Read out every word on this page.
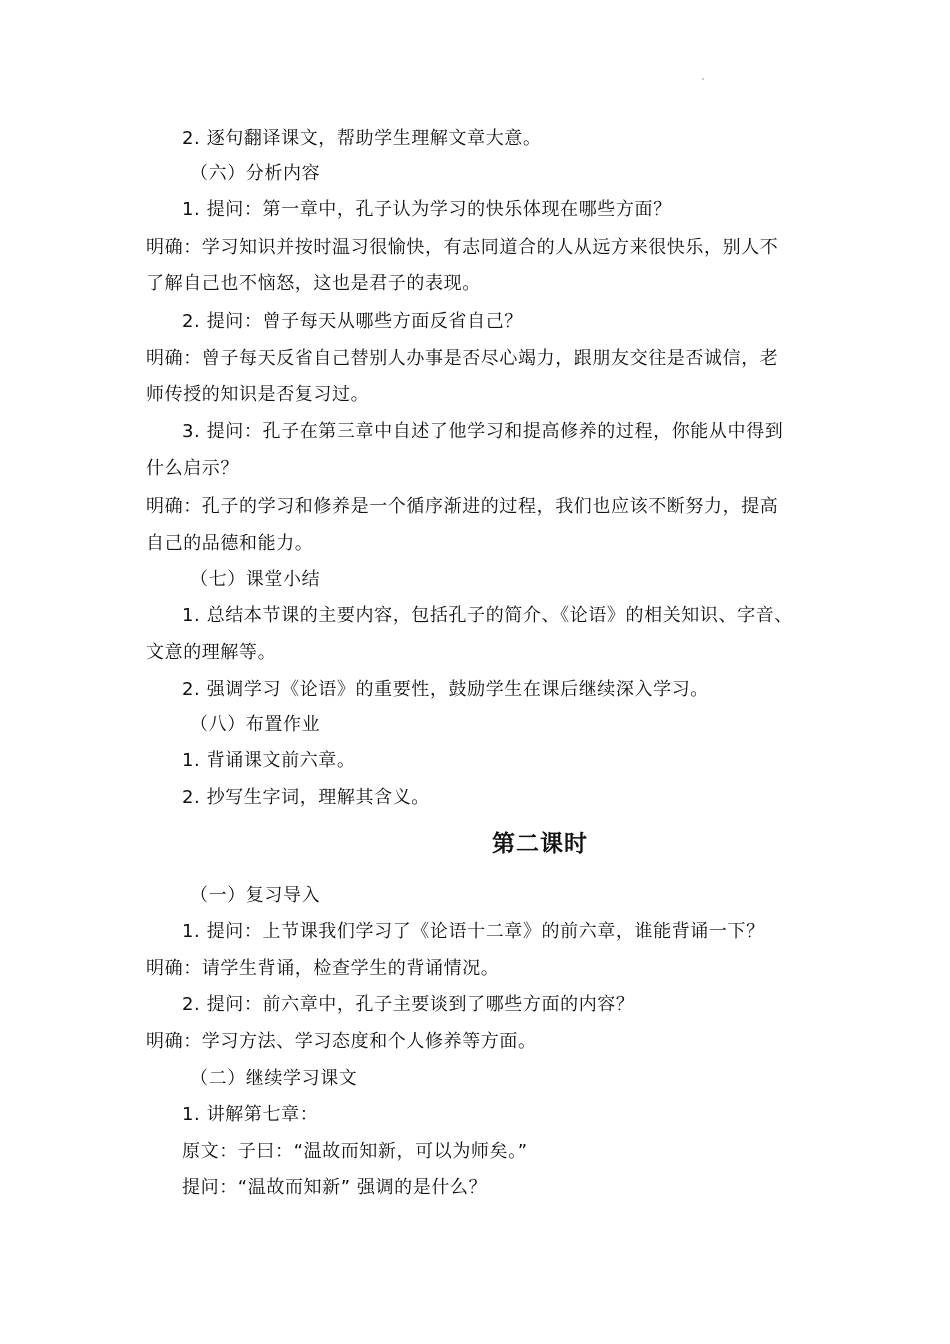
2. 逐句翻译课文，帮助学生理解文章大意。
（六）分析内容
1. 提问：第一章中，孔子认为学习的快乐体现在哪些方面？
明确：学习知识并按时温习很愉快，有志同道合的人从远方来很快乐，别人不
了解自己也不恼怒，这也是君子的表现。
2. 提问：曾子每天从哪些方面反省自己？
明确：曾子每天反省自己替别人办事是否尽心竭力，跟朋友交往是否诚信，老
师传授的知识是否复习过。
3. 提问：孔子在第三章中自述了他学习和提高修养的过程，你能从中得到
什么启示？
明确：孔子的学习和修养是一个循序渐进的过程，我们也应该不断努力，提高
自己的品德和能力。
（七）课堂小结
1. 总结本节课的主要内容，包括孔子的简介、《论语》的相关知识、字音、
文意的理解等。
2. 强调学习《论语》的重要性，鼓励学生在课后继续深入学习。
（八）布置作业
1. 背诵课文前六章。
2. 抄写生字词，理解其含义。
第二课时
（一）复习导入
1. 提问：上节课我们学习了《论语十二章》的前六章，谁能背诵一下？
明确：请学生背诵，检查学生的背诵情况。
2. 提问：前六章中，孔子主要谈到了哪些方面的内容？
明确：学习方法、学习态度和个人修养等方面。
（二）继续学习课文
1. 讲解第七章：
原文：子曰：“温故而知新，可以为师矣。”
提问：“温故而知新” 强调的是什么？
